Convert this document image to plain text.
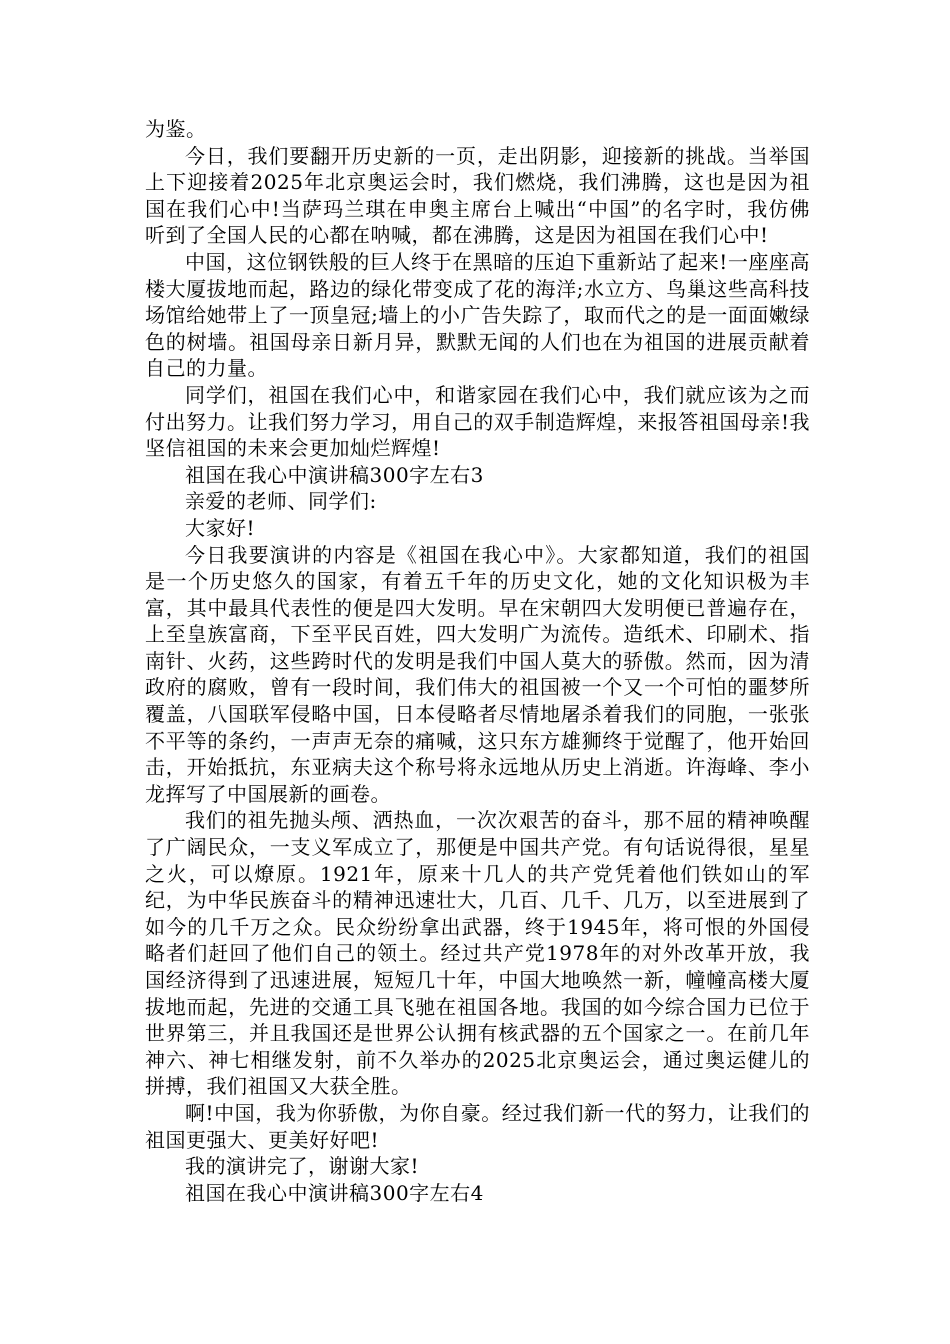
为鉴。

今日，我们要翻开历史新的一页，走出阴影，迎接新的挑战。当举国上下迎接着2025年北京奥运会时，我们燃烧，我们沸腾，这也是因为祖国在我们心中!当萨玛兰琪在申奥主席台上喊出“中国”的名字时，我仿佛听到了全国人民的心都在呐喊，都在沸腾，这是因为祖国在我们心中!

中国，这位钢铁般的巨人终于在黑暗的压迫下重新站了起来!一座座高楼大厦拔地而起，路边的绿化带变成了花的海洋;水立方、鸟巢这些高科技场馆给她带上了一顶皇冠;墙上的小广告失踪了，取而代之的是一面面嫩绿色的树墙。祖国母亲日新月异，默默无闻的人们也在为祖国的进展贡献着自己的力量。

同学们，祖国在我们心中，和谐家园在我们心中，我们就应该为之而付出努力。让我们努力学习，用自己的双手制造辉煌，来报答祖国母亲!我坚信祖国的未来会更加灿烂辉煌!

祖国在我心中演讲稿300字左右3

亲爱的老师、同学们:

大家好!

今日我要演讲的内容是《祖国在我心中》。大家都知道，我们的祖国是一个历史悠久的国家，有着五千年的历史文化，她的文化知识极为丰富，其中最具代表性的便是四大发明。早在宋朝四大发明便已普遍存在，上至皇族富商，下至平民百姓，四大发明广为流传。造纸术、印刷术、指南针、火药，这些跨时代的发明是我们中国人莫大的骄傲。然而，因为清政府的腐败，曾有一段时间，我们伟大的祖国被一个又一个可怕的噩梦所覆盖，八国联军侵略中国，日本侵略者尽情地屠杀着我们的同胞，一张张不平等的条约，一声声无奈的痛喊，这只东方雄狮终于觉醒了，他开始回击，开始抵抗，东亚病夫这个称号将永远地从历史上消逝。许海峰、李小龙挥写了中国展新的画卷。

我们的祖先抛头颅、洒热血，一次次艰苦的奋斗，那不屈的精神唤醒了广阔民众，一支义军成立了，那便是中国共产党。有句话说得很，星星之火，可以燎原。1921年，原来十几人的共产党凭着他们铁如山的军纪，为中华民族奋斗的精神迅速壮大，几百、几千、几万，以至进展到了如今的几千万之众。民众纷纷拿出武器，终于1945年，将可恨的外国侵略者们赶回了他们自己的领土。经过共产党1978年的对外改革开放，我国经济得到了迅速进展，短短几十年，中国大地唤然一新，幢幢高楼大厦拔地而起，先进的交通工具飞驰在祖国各地。我国的如今综合国力已位于世界第三，并且我国还是世界公认拥有核武器的五个国家之一。在前几年神六、神七相继发射，前不久举办的2025北京奥运会，通过奥运健儿的拼搏，我们祖国又大获全胜。

啊!中国，我为你骄傲，为你自豪。经过我们新一代的努力，让我们的祖国更强大、更美好好吧!

我的演讲完了，谢谢大家!

祖国在我心中演讲稿300字左右4
